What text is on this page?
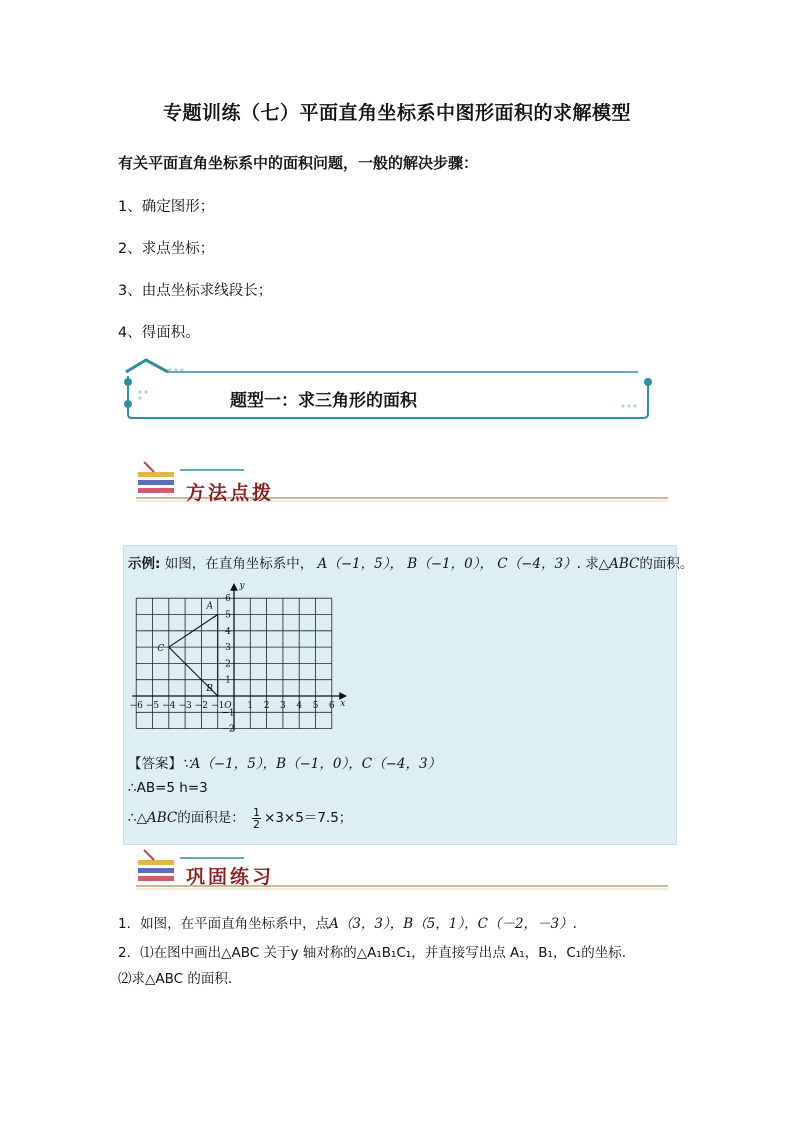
专题训练（七）平面直角坐标系中图形面积的求解模型
有关平面直角坐标系中的面积问题，一般的解决步骤：
1、确定图形；
2、求点坐标；
3、由点坐标求线段长；
4、得面积。
题型一：求三角形的面积
方法点拨
示例: 如图，在直角坐标系中， A（−1，5）， B（−1，0）， C（−4，3）. 求△ABC的面积。
−6 −5 −4 −3 −2 −1 O 1 2 3 4 5 6
6
5
4
3
2
1
−1
−2
x
y
A
B
C
【答案】∵A（−1，5），B（−1，0），C（−4，3）
∴AB=5 h=3
∴△ABC的面积是： $\frac{1}{2} \times 3\times 5=7.5$；
巩固练习
1．如图，在平面直角坐标系中，点A（3，3），B（5，1），C（－2，－3）.
2．⑴在图中画出△ABC 关于y 轴对称的△A₁B₁C₁，并直接写出点 A₁，B₁，C₁的坐标．
⑵求△ABC 的面积．
